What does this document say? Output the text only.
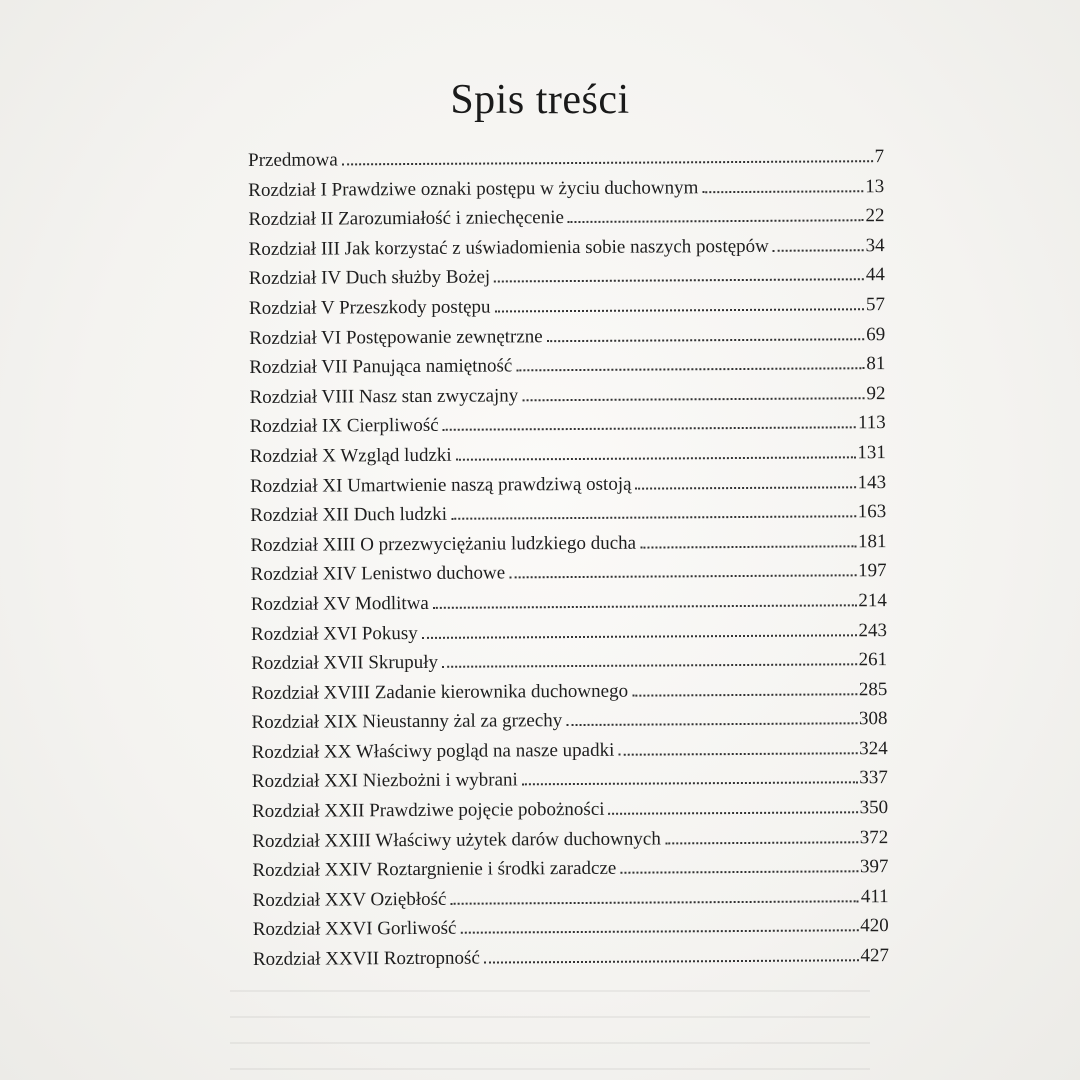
Spis treści
Przedmowa	7
Rozdział I Prawdziwe oznaki postępu w życiu duchownym	13
Rozdział II Zarozumiałość i zniechęcenie	22
Rozdział III Jak korzystać z uświadomienia sobie naszych postępów	34
Rozdział IV Duch służby Bożej	44
Rozdział V Przeszkody postępu	57
Rozdział VI Postępowanie zewnętrzne	69
Rozdział VII Panująca namiętność	81
Rozdział VIII Nasz stan zwyczajny	92
Rozdział IX Cierpliwość	113
Rozdział X Wzgląd ludzki	131
Rozdział XI Umartwienie naszą prawdziwą ostoją	143
Rozdział XII Duch ludzki	163
Rozdział XIII O przezwyciężaniu ludzkiego ducha	181
Rozdział XIV Lenistwo duchowe	197
Rozdział XV Modlitwa	214
Rozdział XVI Pokusy	243
Rozdział XVII Skrupuły	261
Rozdział XVIII Zadanie kierownika duchownego	285
Rozdział XIX Nieustanny żal za grzechy	308
Rozdział XX Właściwy pogląd na nasze upadki	324
Rozdział XXI Niezbożni i wybrani	337
Rozdział XXII Prawdziwe pojęcie pobożności	350
Rozdział XXIII Właściwy użytek darów duchownych	372
Rozdział XXIV Roztargnienie i środki zaradcze	397
Rozdział XXV Oziębłość	411
Rozdział XXVI Gorliwość	420
Rozdział XXVII Roztropność	427
